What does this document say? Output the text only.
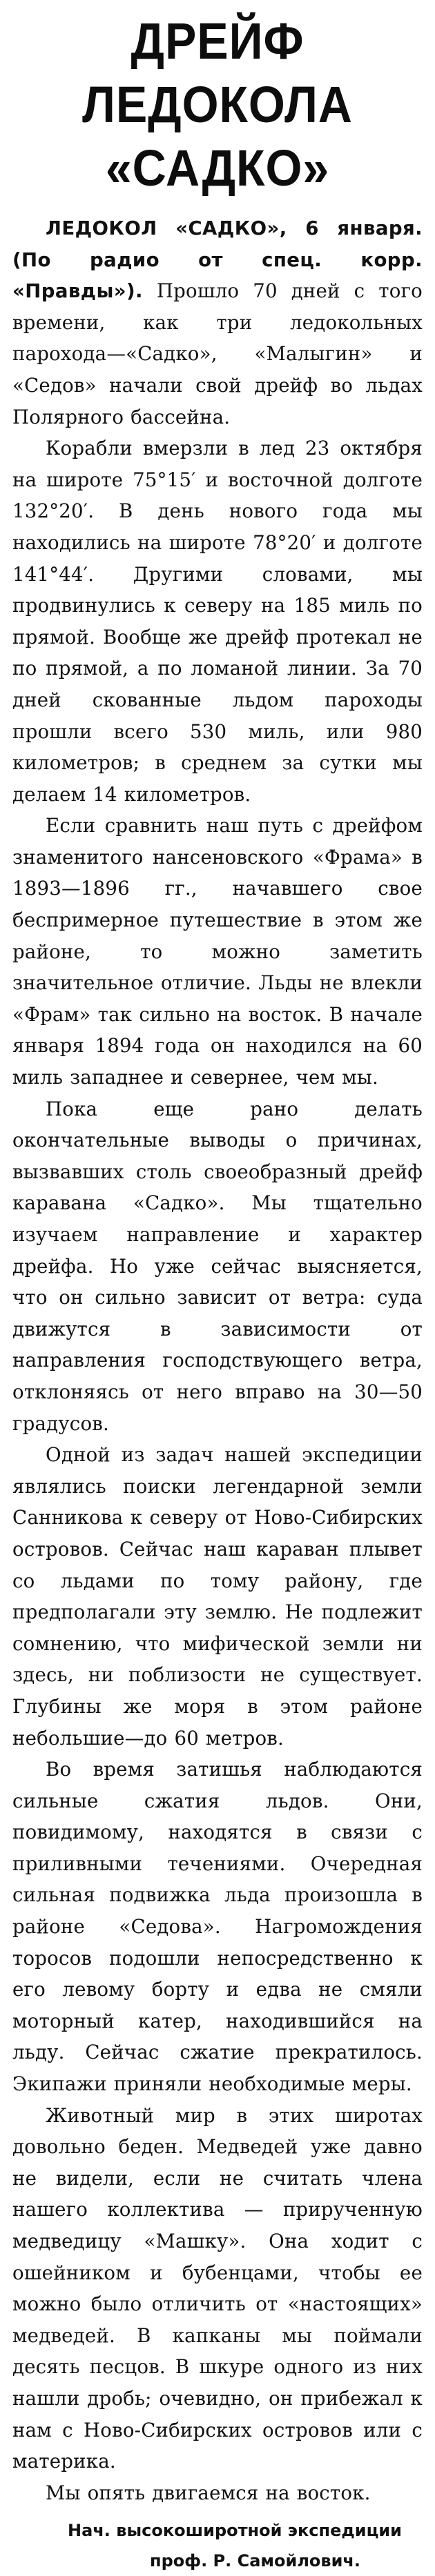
ДРЕЙФ
ЛЕДОКОЛА
«САДКО»

ЛЕДОКОЛ «САДКО», 6 января. (По радио от спец. корр. «Правды»). Прошло 70 дней с того времени, как три ледокольных парохода—«Садко», «Малыгин» и «Седов» начали свой дрейф во льдах Полярного бассейна.

Корабли вмерзли в лед 23 октября на широте 75°15′ и восточной долготе 132°20′. В день нового года мы находились на широте 78°20′ и долготе 141°44′. Другими словами, мы продвинулись к северу на 185 миль по прямой. Вообще же дрейф протекал не по прямой, а по ломаной линии. За 70 дней скованные льдом пароходы прошли всего 530 миль, или 980 километров; в среднем за сутки мы делаем 14 километров.

Если сравнить наш путь с дрейфом знаменитого нансеновского «Фрама» в 1893—1896 гг., начавшего свое беспримерное путешествие в этом же районе, то можно заметить значительное отличие. Льды не влекли «Фрам» так сильно на восток. В начале января 1894 года он находился на 60 миль западнее и севернее, чем мы.

Пока еще рано делать окончательные выводы о причинах, вызвавших столь своеобразный дрейф каравана «Садко». Мы тщательно изучаем направление и характер дрейфа. Но уже сейчас выясняется, что он сильно зависит от ветра: суда движутся в зависимости от направления господствующего ветра, отклоняясь от него вправо на 30—50 градусов.

Одной из задач нашей экспедиции являлись поиски легендарной земли Санникова к северу от Ново-Сибирских островов. Сейчас наш караван плывет со льдами по тому району, где предполагали эту землю. Не подлежит сомнению, что мифической земли ни здесь, ни поблизости не существует. Глубины же моря в этом районе небольшие—до 60 метров.

Во время затишья наблюдаются сильные сжатия льдов. Они, повидимому, находятся в связи с приливными течениями. Очередная сильная подвижка льда произошла в районе «Седова». Нагромождения торосов подошли непосредственно к его левому борту и едва не смяли моторный катер, находившийся на льду. Сейчас сжатие прекратилось. Экипажи приняли необходимые меры.

Животный мир в этих широтах довольно беден. Медведей уже давно не видели, если не считать члена нашего коллектива — прирученную медведицу «Машку». Она ходит с ошейником и бубенцами, чтобы ее можно было отличить от «настоящих» медведей. В капканы мы поймали десять песцов. В шкуре одного из них нашли дробь; очевидно, он прибежал к нам с Ново-Сибирских островов или с материка.

Мы опять двигаемся на восток.

Нач. высокоширотной экспедиции
проф. Р. Самойлович.
